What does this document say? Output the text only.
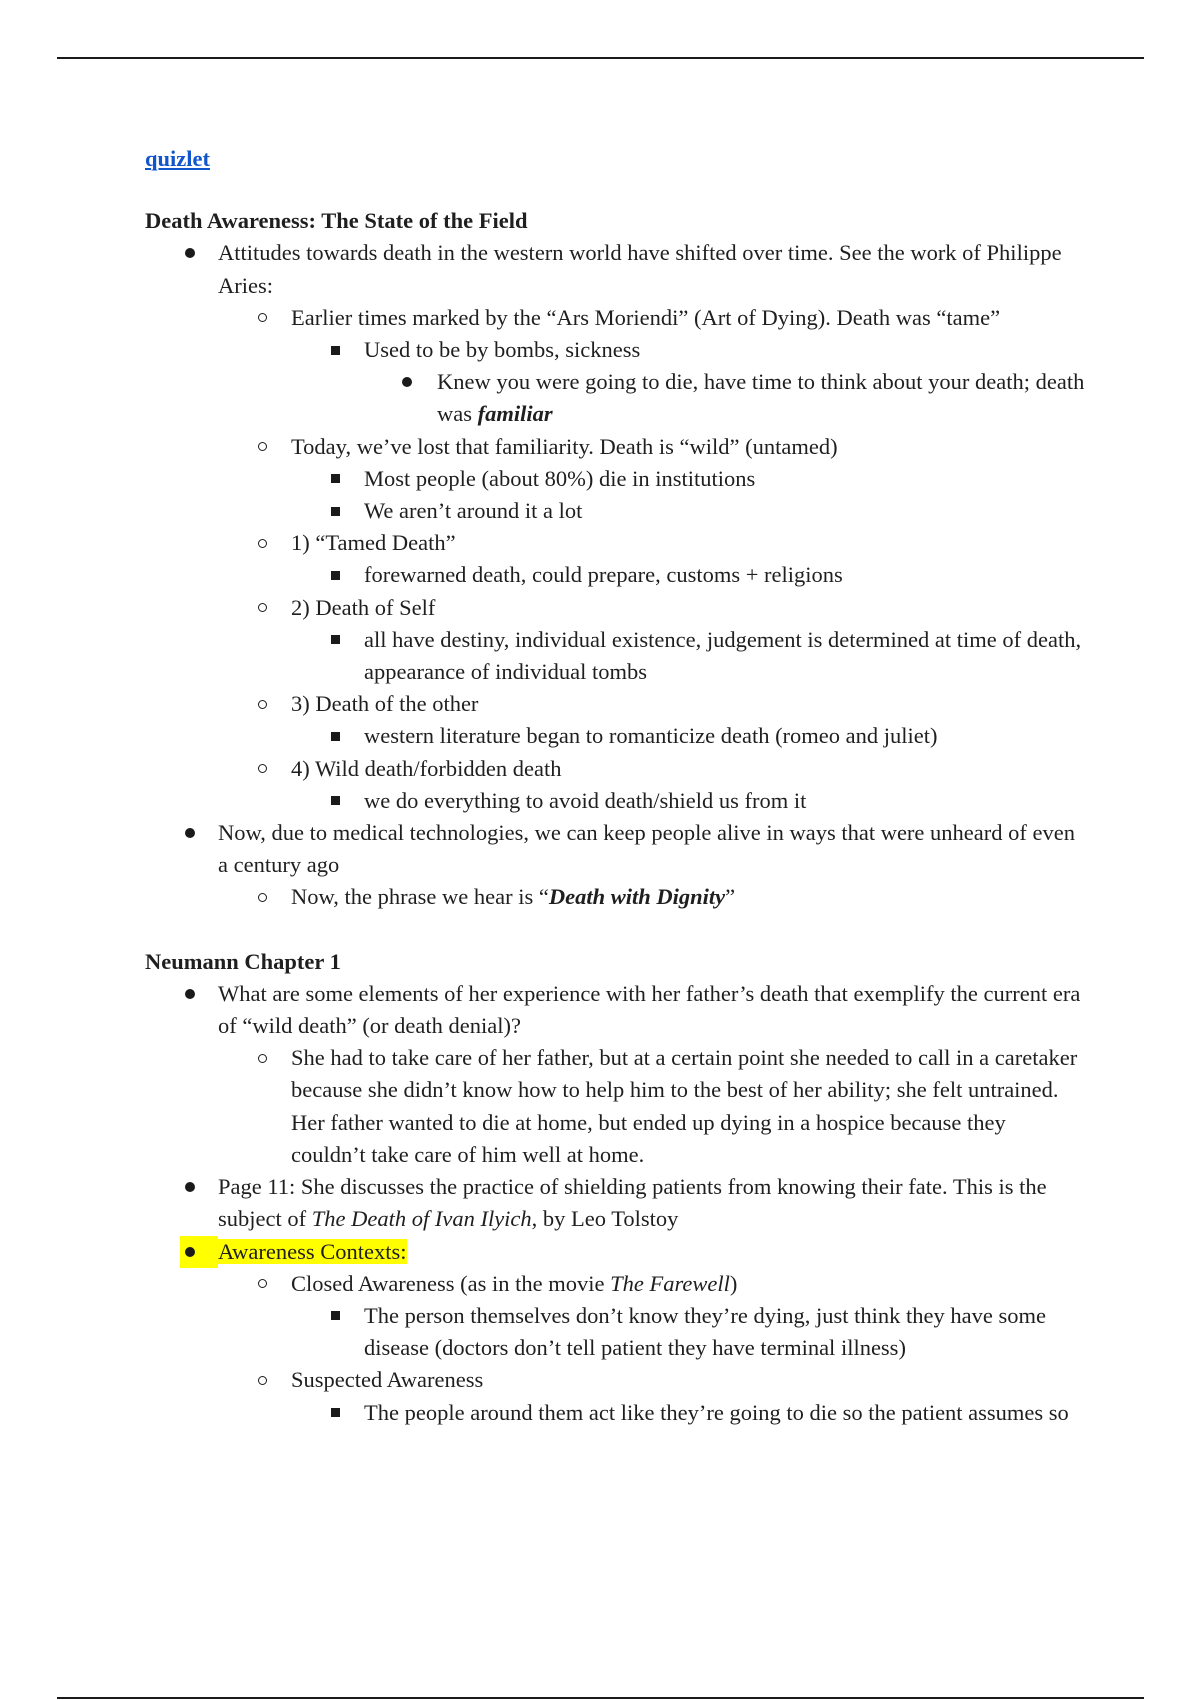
quizlet

Death Awareness: The State of the Field

Attitudes towards death in the western world have shifted over time. See the work of Philippe Aries:
Earlier times marked by the “Ars Moriendi” (Art of Dying). Death was “tame”
Used to be by bombs, sickness
Knew you were going to die, have time to think about your death; death was familiar
Today, we’ve lost that familiarity. Death is “wild” (untamed)
Most people (about 80%) die in institutions
We aren’t around it a lot
1) “Tamed Death”
forewarned death, could prepare, customs + religions
2) Death of Self
all have destiny, individual existence, judgement is determined at time of death, appearance of individual tombs
3) Death of the other
western literature began to romanticize death (romeo and juliet)
4) Wild death/forbidden death
we do everything to avoid death/shield us from it
Now, due to medical technologies, we can keep people alive in ways that were unheard of even a century ago
Now, the phrase we hear is “Death with Dignity”

Neumann Chapter 1

What are some elements of her experience with her father’s death that exemplify the current era of “wild death” (or death denial)?
She had to take care of her father, but at a certain point she needed to call in a caretaker because she didn’t know how to help him to the best of her ability; she felt untrained. Her father wanted to die at home, but ended up dying in a hospice because they couldn’t take care of him well at home.
Page 11: She discusses the practice of shielding patients from knowing their fate. This is the subject of The Death of Ivan Ilyich, by Leo Tolstoy
Awareness Contexts:
Closed Awareness (as in the movie The Farewell)
The person themselves don’t know they’re dying, just think they have some disease (doctors don’t tell patient they have terminal illness)
Suspected Awareness
The people around them act like they’re going to die so the patient assumes so
